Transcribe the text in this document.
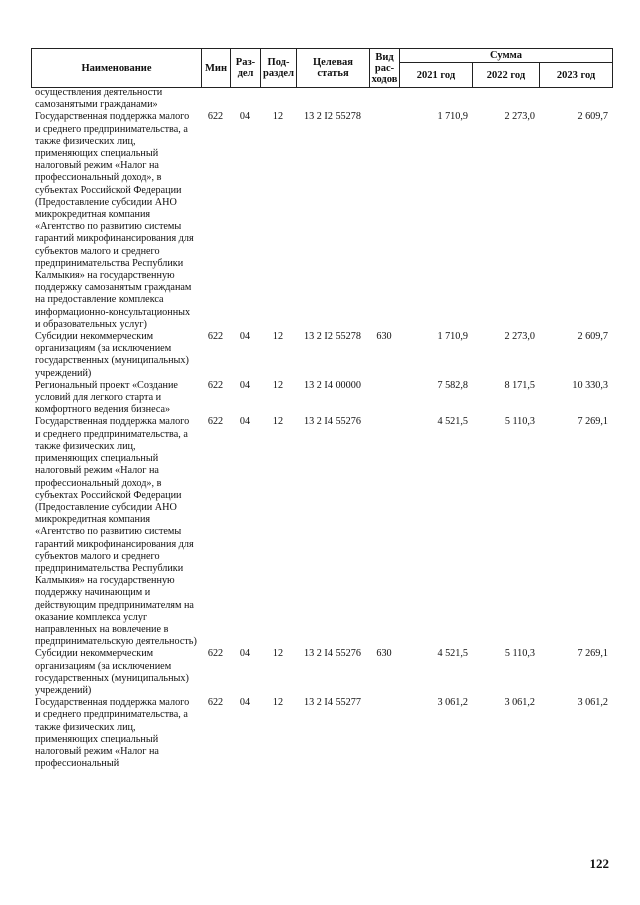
Наименование	Мин	Раз-дел	Под-раздел	Целевая статья	Вид рас-ходов	Сумма		
						2021 год	2022 год	2023 год
осуществления деятельности самозанятыми гражданами»								
Государственная поддержка малого и среднего предпринимательства, а также физических лиц, применяющих специальный налоговый режим «Налог на профессиональный доход», в субъектах Российской Федерации (Предоставление субсидии АНО микрокредитная компания «Агентство по развитию системы гарантий микрофинансирования для субъектов малого и среднего предпринимательства Республики Калмыкия» на государственную поддержку самозанятым гражданам на предоставление комплекса информационно-консультационных и образовательных услуг)	622	04	12	13 2 I2 55278		1 710,9	2 273,0	2 609,7
Субсидии некоммерческим организациям (за исключением государственных (муниципальных) учреждений)	622	04	12	13 2 I2 55278	630	1 710,9	2 273,0	2 609,7
Региональный проект «Создание условий для легкого старта и комфортного ведения бизнеса»	622	04	12	13 2 I4 00000		7 582,8	8 171,5	10 330,3
Государственная поддержка малого и среднего предпринимательства, а также физических лиц, применяющих специальный налоговый режим «Налог на профессиональный доход», в субъектах Российской Федерации (Предоставление субсидии АНО микрокредитная компания «Агентство по развитию системы гарантий микрофинансирования для субъектов малого и среднего предпринимательства Республики Калмыкия» на государственную поддержку начинающим и действующим предпринимателям на оказание комплекса услуг направленных на вовлечение в предпринимательскую деятельность)	622	04	12	13 2 I4 55276		4 521,5	5 110,3	7 269,1
Субсидии некоммерческим организациям (за исключением государственных (муниципальных) учреждений)	622	04	12	13 2 I4 55276	630	4 521,5	5 110,3	7 269,1
Государственная поддержка малого и среднего предпринимательства, а также физических лиц, применяющих специальный налоговый режим «Налог на профессиональный	622	04	12	13 2 I4 55277		3 061,2	3 061,2	3 061,2
122
